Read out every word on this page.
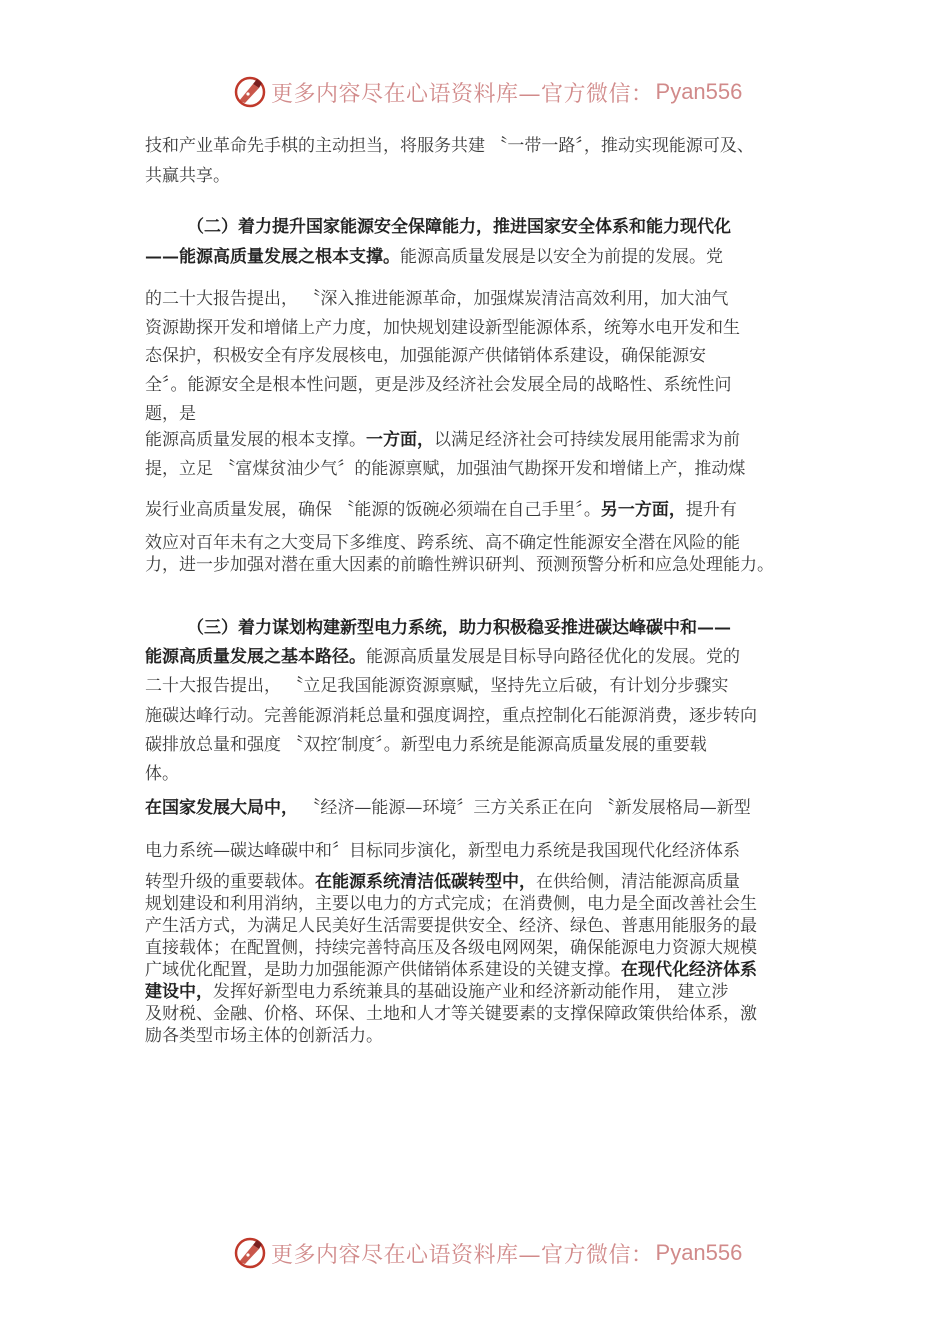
更多内容尽在心语资料库—官方微信： Pyan556
技和产业革命先手棋的主动担当，将服务共建 〝一带一路〞，推动实现能源可及、
共赢共享。
（二）着力提升国家能源安全保障能力，推进国家安全体系和能力现代化
——能源高质量发展之根本支撑。能源高质量发展是以安全为前提的发展。党
的二十大报告提出， 〝深入推进能源革命，加强煤炭清洁高效利用，加大油气
资源勘探开发和增储上产力度，加快规划建设新型能源体系，统筹水电开发和生
态保护，积极安全有序发展核电，加强能源产供储销体系建设，确保能源安
全〞。能源安全是根本性问题，更是涉及经济社会发展全局的战略性、系统性问
题，是
能源高质量发展的根本支撑。一方面，以满足经济社会可持续发展用能需求为前
提，立足 〝富煤贫油少气〞的能源禀赋，加强油气勘探开发和增储上产，推动煤
炭行业高质量发展，确保 〝能源的饭碗必须端在自己手里〞。另一方面，提升有
效应对百年未有之大变局下多维度、跨系统、高不确定性能源安全潜在风险的能
力，进一步加强对潜在重大因素的前瞻性辨识研判、预测预警分析和应急处理能力。
（三）着力谋划构建新型电力系统，助力积极稳妥推进碳达峰碳中和——
能源高质量发展之基本路径。能源高质量发展是目标导向路径优化的发展。党的
二十大报告提出， 〝立足我国能源资源禀赋，坚持先立后破，有计划分步骤实
施碳达峰行动。完善能源消耗总量和强度调控，重点控制化石能源消费，逐步转向
碳排放总量和强度 〝双控′制度〞。新型电力系统是能源高质量发展的重要载
体。
在国家发展大局中， 〝经济—能源—环境〞三方关系正在向 〝新发展格局—新型
电力系统—碳达峰碳中和〞目标同步演化，新型电力系统是我国现代化经济体系
转型升级的重要载体。在能源系统清洁低碳转型中，在供给侧，清洁能源高质量
规划建设和利用消纳，主要以电力的方式完成；在消费侧，电力是全面改善社会生
产生活方式，为满足人民美好生活需要提供安全、经济、绿色、普惠用能服务的最
直接载体；在配置侧，持续完善特高压及各级电网网架，确保能源电力资源大规模
广域优化配置，是助力加强能源产供储销体系建设的关键支撑。在现代化经济体系
建设中，发挥好新型电力系统兼具的基础设施产业和经济新动能作用， 建立涉
及财税、金融、价格、环保、土地和人才等关键要素的支撑保障政策供给体系，激
励各类型市场主体的创新活力。
更多内容尽在心语资料库—官方微信： Pyan556
